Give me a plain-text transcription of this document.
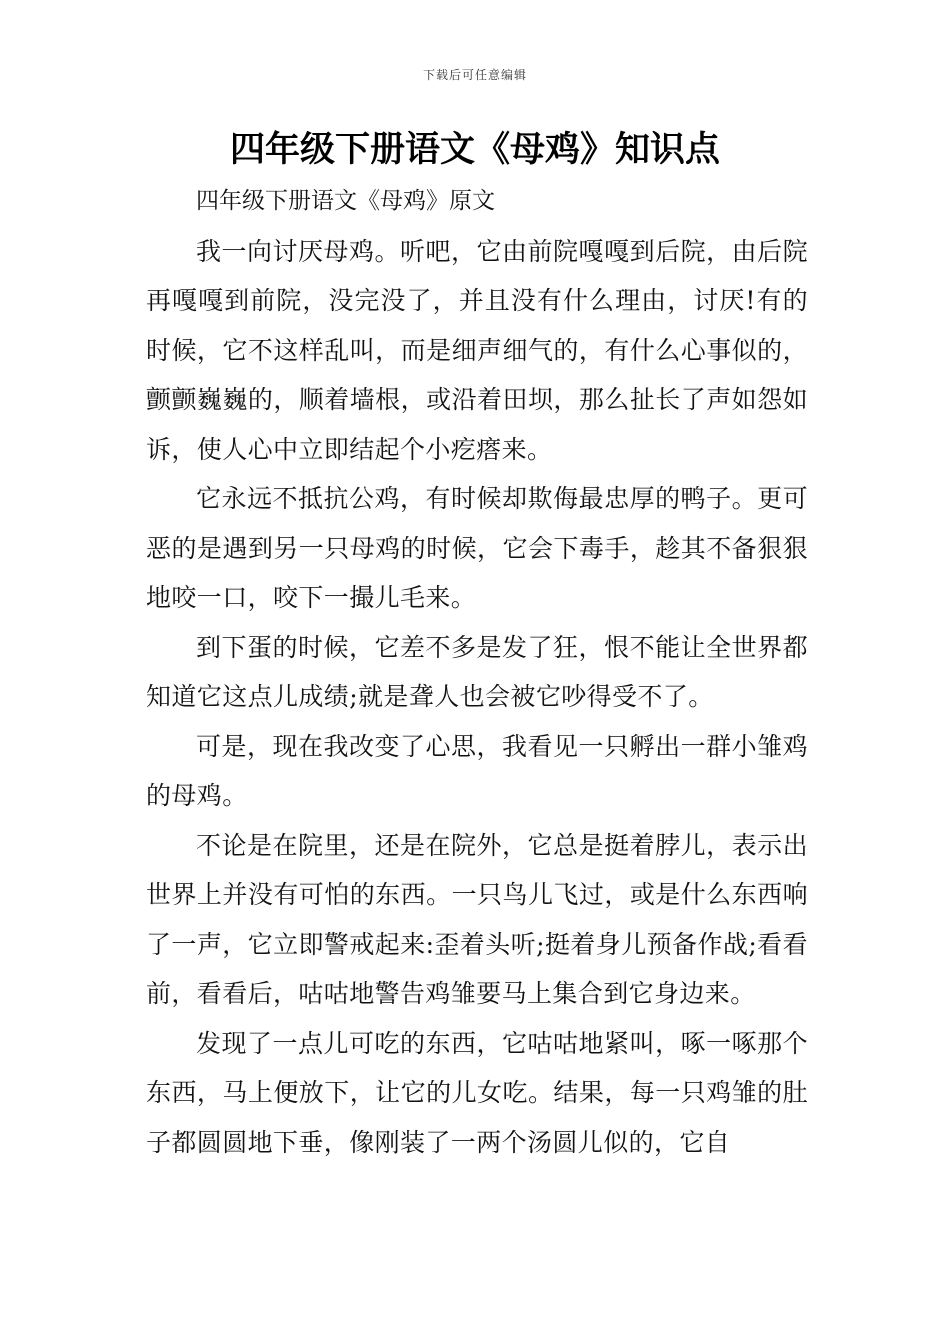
下载后可任意编辑
四年级下册语文《母鸡》知识点

四年级下册语文《母鸡》原文

我一向讨厌母鸡。听吧，它由前院嘎嘎到后院，由后院再嘎嘎到前院，没完没了，并且没有什么理由，讨厌!有的时候，它不这样乱叫，而是细声细气的，有什么心事似的，颤颤巍巍的，顺着墙根，或沿着田坝，那么扯长了声如怨如诉，使人心中立即结起个小疙瘩来。

它永远不抵抗公鸡，有时候却欺侮最忠厚的鸭子。更可恶的是遇到另一只母鸡的时候，它会下毒手，趁其不备狠狠地咬一口，咬下一撮儿毛来。

到下蛋的时候，它差不多是发了狂，恨不能让全世界都知道它这点儿成绩;就是聋人也会被它吵得受不了。

可是，现在我改变了心思，我看见一只孵出一群小雏鸡的母鸡。

不论是在院里，还是在院外，它总是挺着脖儿，表示出世界上并没有可怕的东西。一只鸟儿飞过，或是什么东西响了一声，它立即警戒起来:歪着头听;挺着身儿预备作战;看看前，看看后，咕咕地警告鸡雏要马上集合到它身边来。

发现了一点儿可吃的东西，它咕咕地紧叫，啄一啄那个东西，马上便放下，让它的儿女吃。结果，每一只鸡雏的肚子都圆圆地下垂，像刚装了一两个汤圆儿似的，它自
